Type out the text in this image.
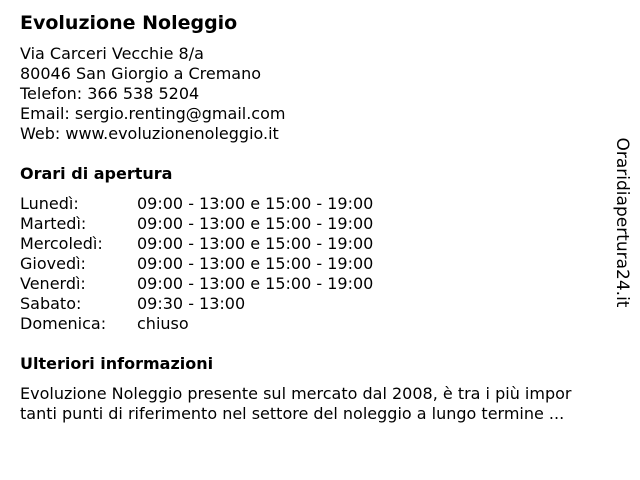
Evoluzione Noleggio
Via Carceri Vecchie 8/a
80046 San Giorgio a Cremano
Telefon: 366 538 5204
Email: sergio.renting@gmail.com
Web: www.evoluzionenoleggio.it
Orari di apertura
Lunedì:	09:00 - 13:00 e 15:00 - 19:00
Martedì:	09:00 - 13:00 e 15:00 - 19:00
Mercoledì: 09:00 - 13:00 e 15:00 - 19:00
Giovedì:	09:00 - 13:00 e 15:00 - 19:00
Venerdì:	09:00 - 13:00 e 15:00 - 19:00
Sabato:	09:30 - 13:00
Domenica: chiuso
Ulteriori informazioni
Evoluzione Noleggio presente sul mercato dal 2008, è tra i più impor
tanti punti di riferimento nel settore del noleggio a lungo termine ...
Oraridiapertura24.it
